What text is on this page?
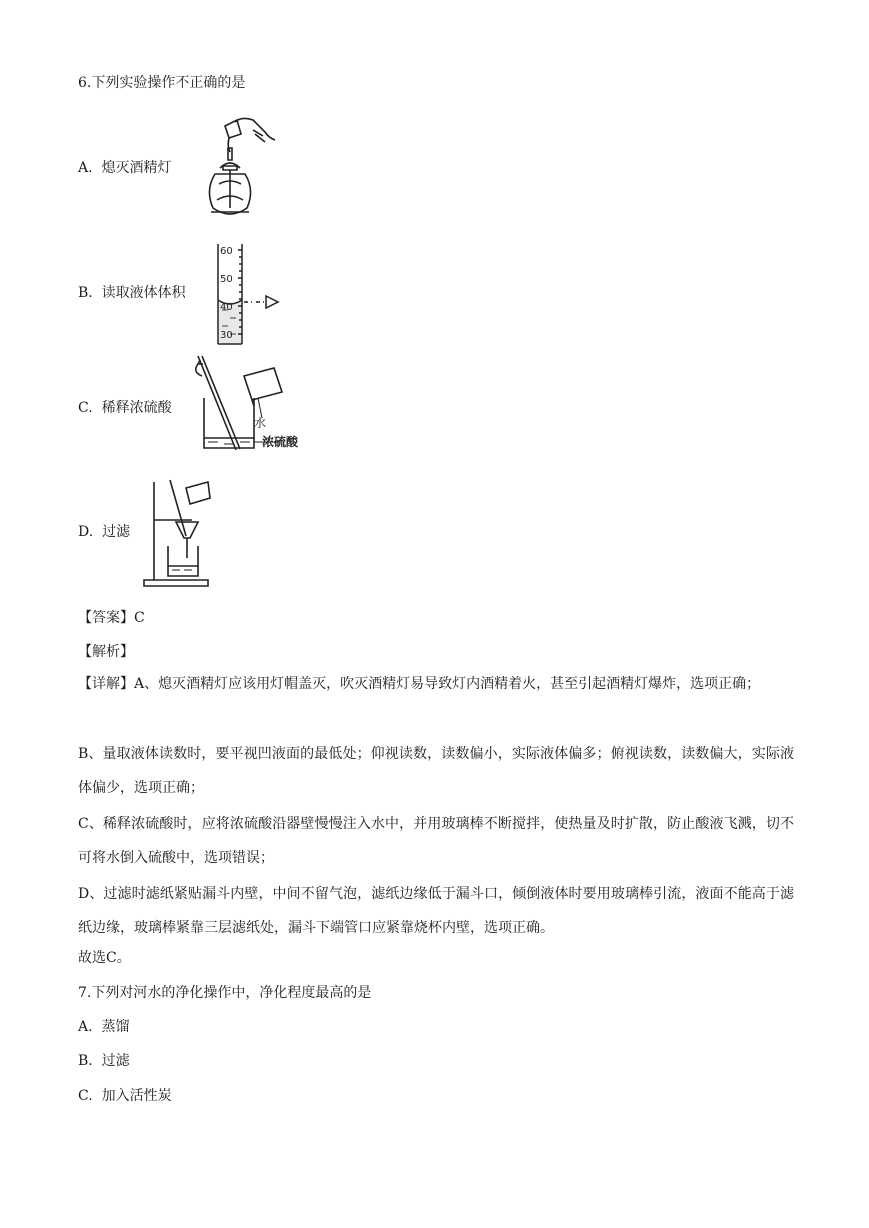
6.下列实验操作不正确的是
A. 熄灭酒精灯
B. 读取液体体积
60
50
40
30
C. 稀释浓硫酸
水
浓硫酸
D. 过滤
【答案】C
【解析】
【详解】A、熄灭酒精灯应该用灯帽盖灭，吹灭酒精灯易导致灯内酒精着火，甚至引起酒精灯爆炸，选项正确；
B、量取液体读数时，要平视凹液面的最低处；仰视读数，读数偏小，实际液体偏多；俯视读数，读数偏大，实际液体偏少，选项正确；
C、稀释浓硫酸时，应将浓硫酸沿器壁慢慢注入水中，并用玻璃棒不断搅拌，使热量及时扩散，防止酸液飞溅，切不可将水倒入硫酸中，选项错误；
D、过滤时滤纸紧贴漏斗内壁，中间不留气泡，滤纸边缘低于漏斗口，倾倒液体时要用玻璃棒引流，液面不能高于滤纸边缘，玻璃棒紧靠三层滤纸处，漏斗下端管口应紧靠烧杯内壁，选项正确。
故选C。
7.下列对河水的净化操作中，净化程度最高的是
A. 蒸馏
B. 过滤
C. 加入活性炭
